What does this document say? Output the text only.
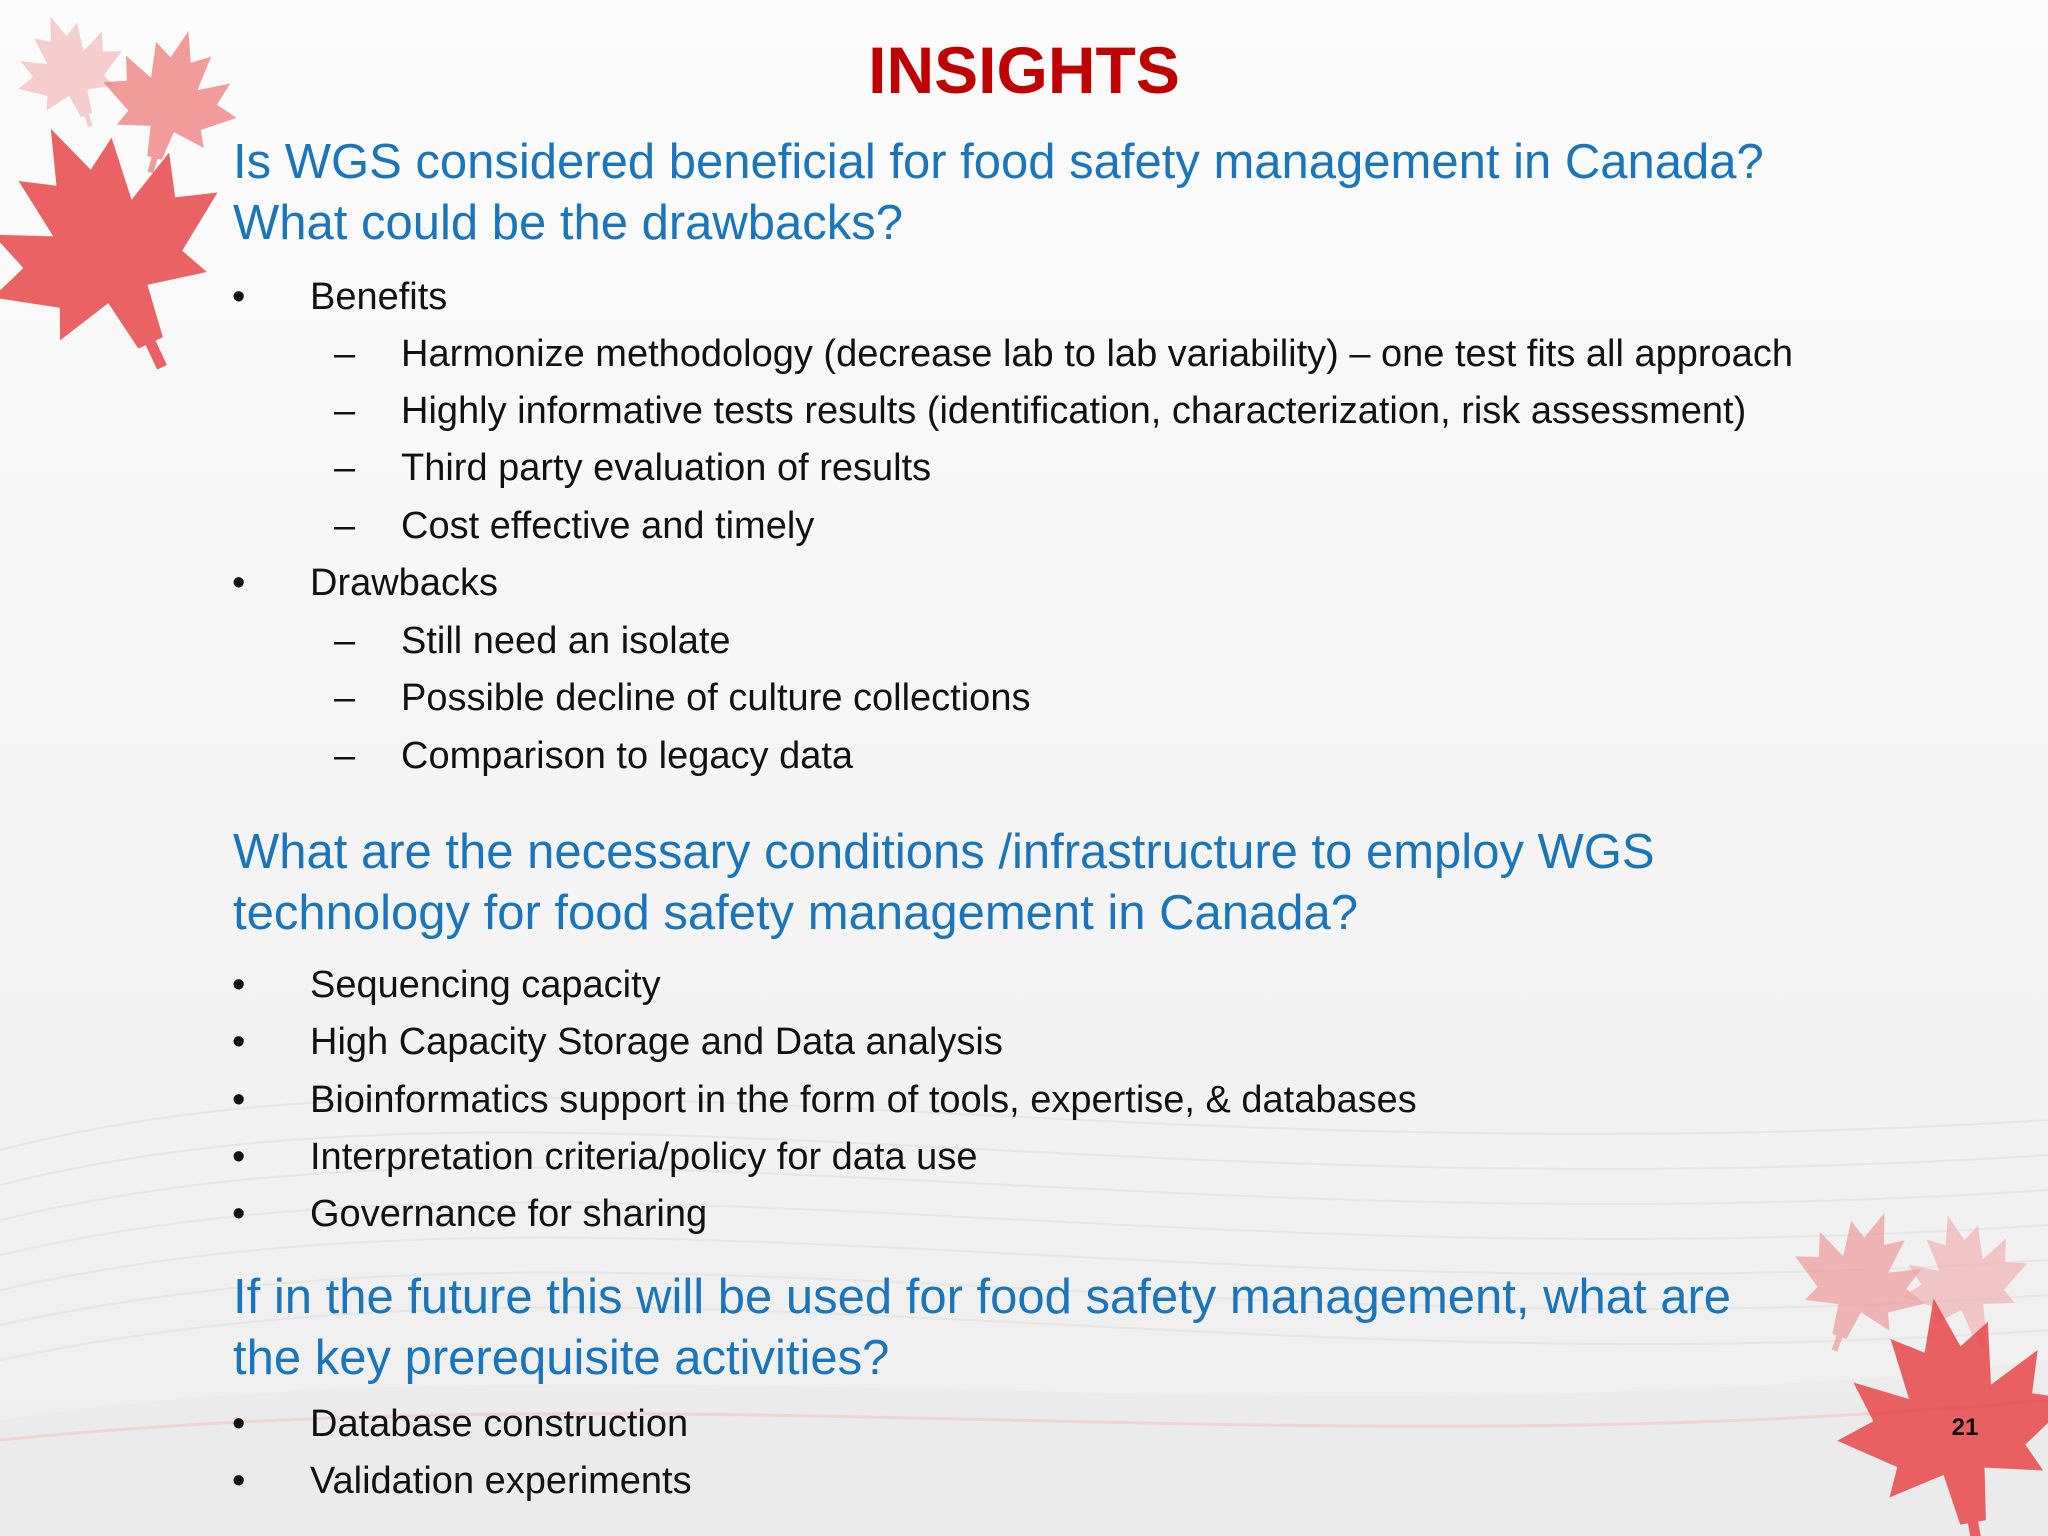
INSIGHTS
Is WGS considered beneficial for food safety management in Canada?
What could be the drawbacks?
• Benefits
– Harmonize methodology (decrease lab to lab variability) – one test fits all approach
– Highly informative tests results (identification, characterization, risk assessment)
– Third party evaluation of results
– Cost effective and timely
• Drawbacks
– Still need an isolate
– Possible decline of culture collections
– Comparison to legacy data
What are the necessary conditions /infrastructure to employ WGS
technology for food safety management in Canada?
• Sequencing capacity
• High Capacity Storage and Data analysis
• Bioinformatics support in the form of tools, expertise, & databases
• Interpretation criteria/policy for data use
• Governance for sharing
If in the future this will be used for food safety management, what are
the key prerequisite activities?
• Database construction
• Validation experiments
21
